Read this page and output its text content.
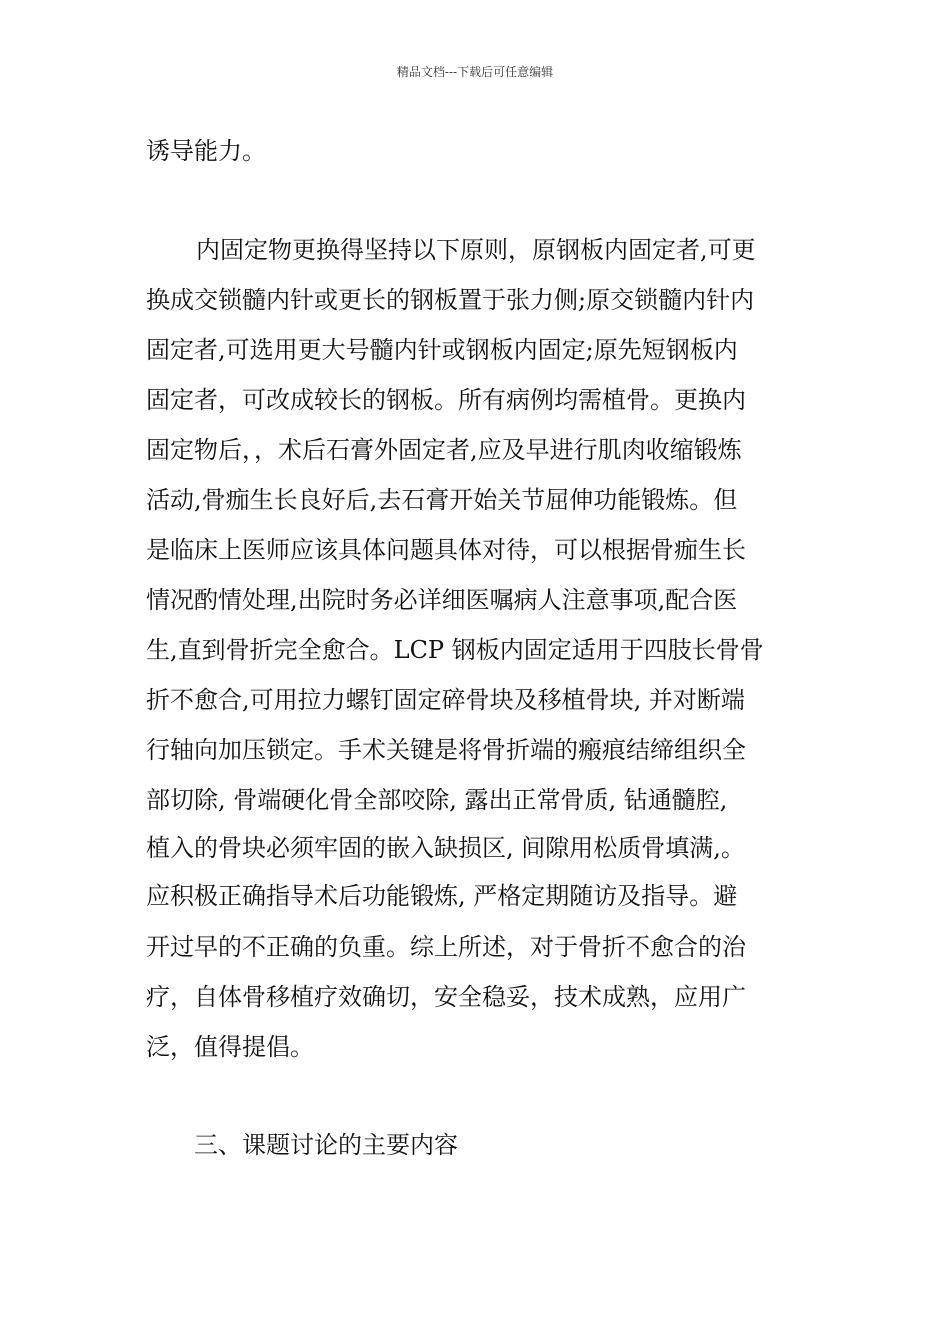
精品文档---下载后可任意编辑
诱导能力。
内固定物更换得坚持以下原则，原钢板内固定者,可更
换成交锁髓内针或更长的钢板置于张力侧;原交锁髓内针内
固定者,可选用更大号髓内针或钢板内固定;原先短钢板内
固定者，可改成较长的钢板。所有病例均需植骨。更换内
固定物后，，术后石膏外固定者,应及早进行肌肉收缩锻炼
活动,骨痂生长良好后,去石膏开始关节屈伸功能锻炼。但
是临床上医师应该具体问题具体对待，可以根据骨痂生长
情况酌情处理,出院时务必详细医嘱病人注意事项,配合医
生,直到骨折完全愈合。LCP 钢板内固定适用于四肢长骨骨
折不愈合,可用拉力螺钉固定碎骨块及移植骨块, 并对断端
行轴向加压锁定。手术关键是将骨折端的瘢痕结缔组织全
部切除, 骨端硬化骨全部咬除, 露出正常骨质, 钻通髓腔,
植入的骨块必须牢固的嵌入缺损区, 间隙用松质骨填满,。
应积极正确指导术后功能锻炼, 严格定期随访及指导。避
开过早的不正确的负重。综上所述，对于骨折不愈合的治
疗，自体骨移植疗效确切，安全稳妥，技术成熟，应用广
泛，值得提倡。
三、课题讨论的主要内容
